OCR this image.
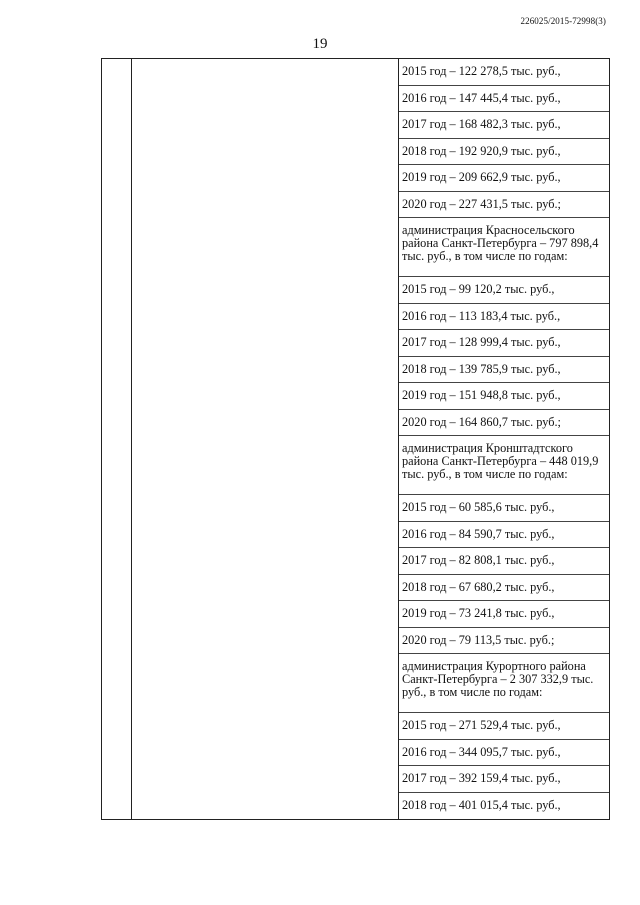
226025/2015-72998(3)
19
2015 год – 122 278,5 тыс. руб.,
2016 год – 147 445,4 тыс. руб.,
2017 год – 168 482,3 тыс. руб.,
2018 год – 192 920,9 тыс. руб.,
2019 год – 209 662,9 тыс. руб.,
2020 год – 227 431,5 тыс. руб.;
администрация Красносельского района Санкт-Петербурга – 797 898,4 тыс. руб., в том числе по годам:
2015 год – 99 120,2 тыс. руб.,
2016 год – 113 183,4 тыс. руб.,
2017 год – 128 999,4 тыс. руб.,
2018 год – 139 785,9 тыс. руб.,
2019 год – 151 948,8 тыс. руб.,
2020 год – 164 860,7 тыс. руб.;
администрация Кронштадтского района Санкт-Петербурга – 448 019,9 тыс. руб., в том числе по годам:
2015 год – 60 585,6 тыс. руб.,
2016 год – 84 590,7 тыс. руб.,
2017 год – 82 808,1 тыс. руб.,
2018 год – 67 680,2 тыс. руб.,
2019 год – 73 241,8 тыс. руб.,
2020 год – 79 113,5 тыс. руб.;
администрация Курортного района Санкт-Петербурга – 2 307 332,9 тыс. руб., в том числе по годам:
2015 год – 271 529,4 тыс. руб.,
2016 год – 344 095,7 тыс. руб.,
2017 год – 392 159,4 тыс. руб.,
2018 год – 401 015,4 тыс. руб.,
